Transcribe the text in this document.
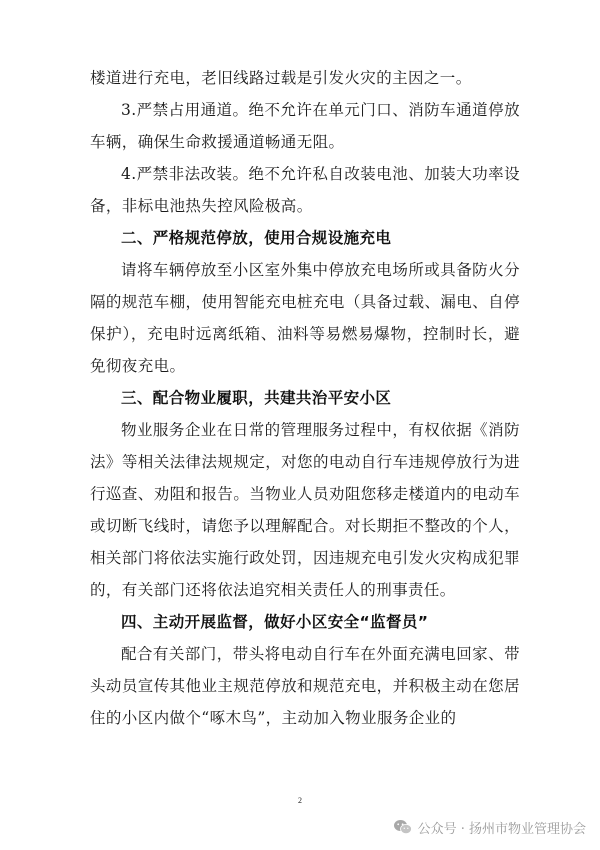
楼道进行充电，老旧线路过载是引发火灾的主因之一。

3.严禁占用通道。绝不允许在单元门口、消防车通道停放车辆，确保生命救援通道畅通无阻。

4.严禁非法改装。绝不允许私自改装电池、加装大功率设备，非标电池热失控风险极高。

二、严格规范停放，使用合规设施充电

请将车辆停放至小区室外集中停放充电场所或具备防火分隔的规范车棚，使用智能充电桩充电（具备过载、漏电、自停保护），充电时远离纸箱、油料等易燃易爆物，控制时长，避免彻夜充电。

三、配合物业履职，共建共治平安小区

物业服务企业在日常的管理服务过程中，有权依据《消防法》等相关法律法规规定，对您的电动自行车违规停放行为进行巡查、劝阻和报告。当物业人员劝阻您移走楼道内的电动车或切断飞线时，请您予以理解配合。对长期拒不整改的个人，相关部门将依法实施行政处罚，因违规充电引发火灾构成犯罪的，有关部门还将依法追究相关责任人的刑事责任。

四、主动开展监督，做好小区安全“监督员”

配合有关部门，带头将电动自行车在外面充满电回家、带头动员宣传其他业主规范停放和规范充电，并积极主动在您居住的小区内做个“啄木鸟”，主动加入物业服务企业的

2
公众号 · 扬州市物业管理协会
